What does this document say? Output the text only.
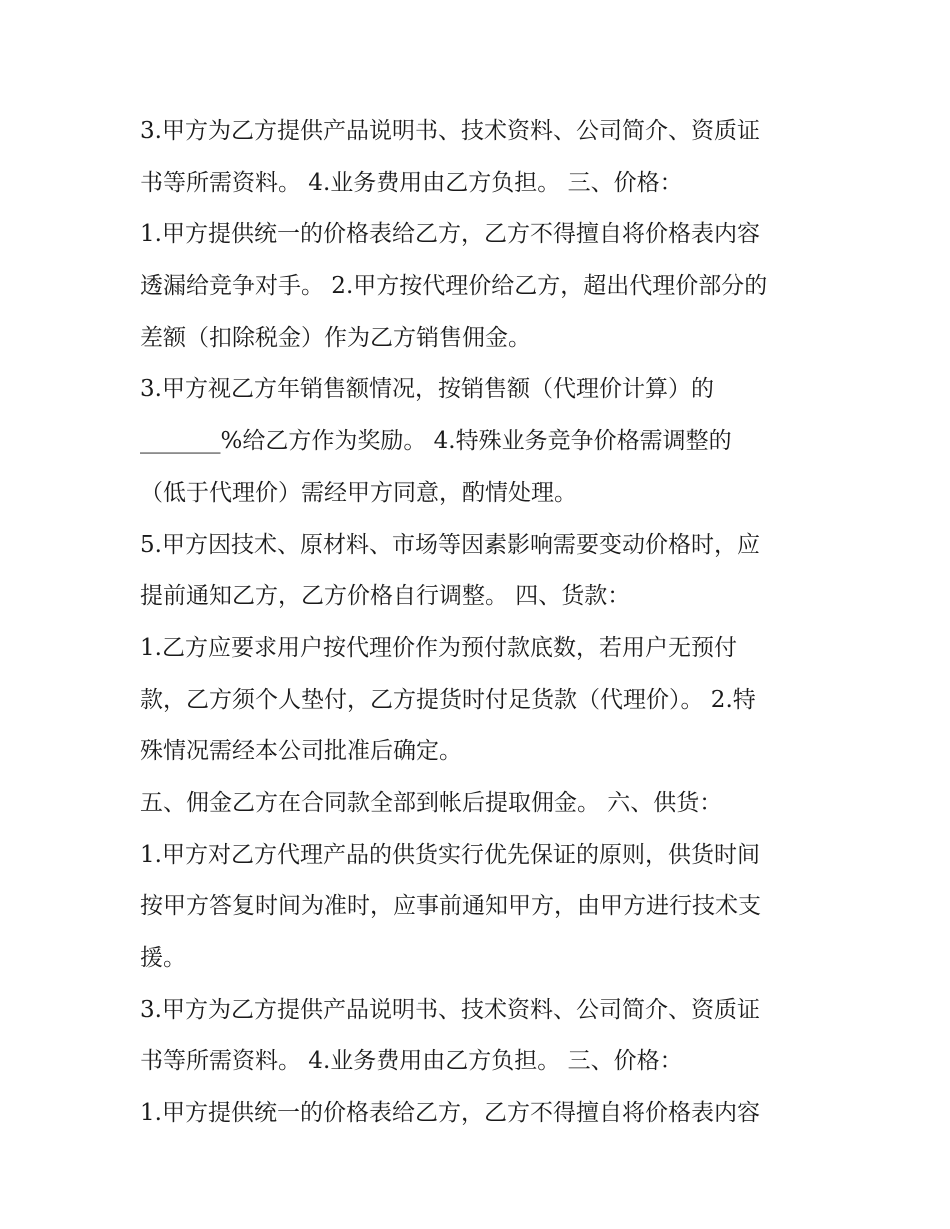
3.甲方为乙方提供产品说明书、技术资料、公司简介、资质证
书等所需资料。 4.业务费用由乙方负担。 三、价格：
1.甲方提供统一的价格表给乙方，乙方不得擅自将价格表内容
透漏给竞争对手。 2.甲方按代理价给乙方，超出代理价部分的
差额（扣除税金）作为乙方销售佣金。
3.甲方视乙方年销售额情况，按销售额（代理价计算）的
_______%给乙方作为奖励。 4.特殊业务竞争价格需调整的
（低于代理价）需经甲方同意，酌情处理。
5.甲方因技术、原材料、市场等因素影响需要变动价格时，应
提前通知乙方，乙方价格自行调整。 四、货款：
1.乙方应要求用户按代理价作为预付款底数，若用户无预付
款，乙方须个人垫付，乙方提货时付足货款（代理价）。 2.特
殊情况需经本公司批准后确定。
五、佣金乙方在合同款全部到帐后提取佣金。 六、供货：
1.甲方对乙方代理产品的供货实行优先保证的原则，供货时间
按甲方答复时间为准时，应事前通知甲方，由甲方进行技术支
援。
3.甲方为乙方提供产品说明书、技术资料、公司简介、资质证
书等所需资料。 4.业务费用由乙方负担。 三、价格：
1.甲方提供统一的价格表给乙方，乙方不得擅自将价格表内容
